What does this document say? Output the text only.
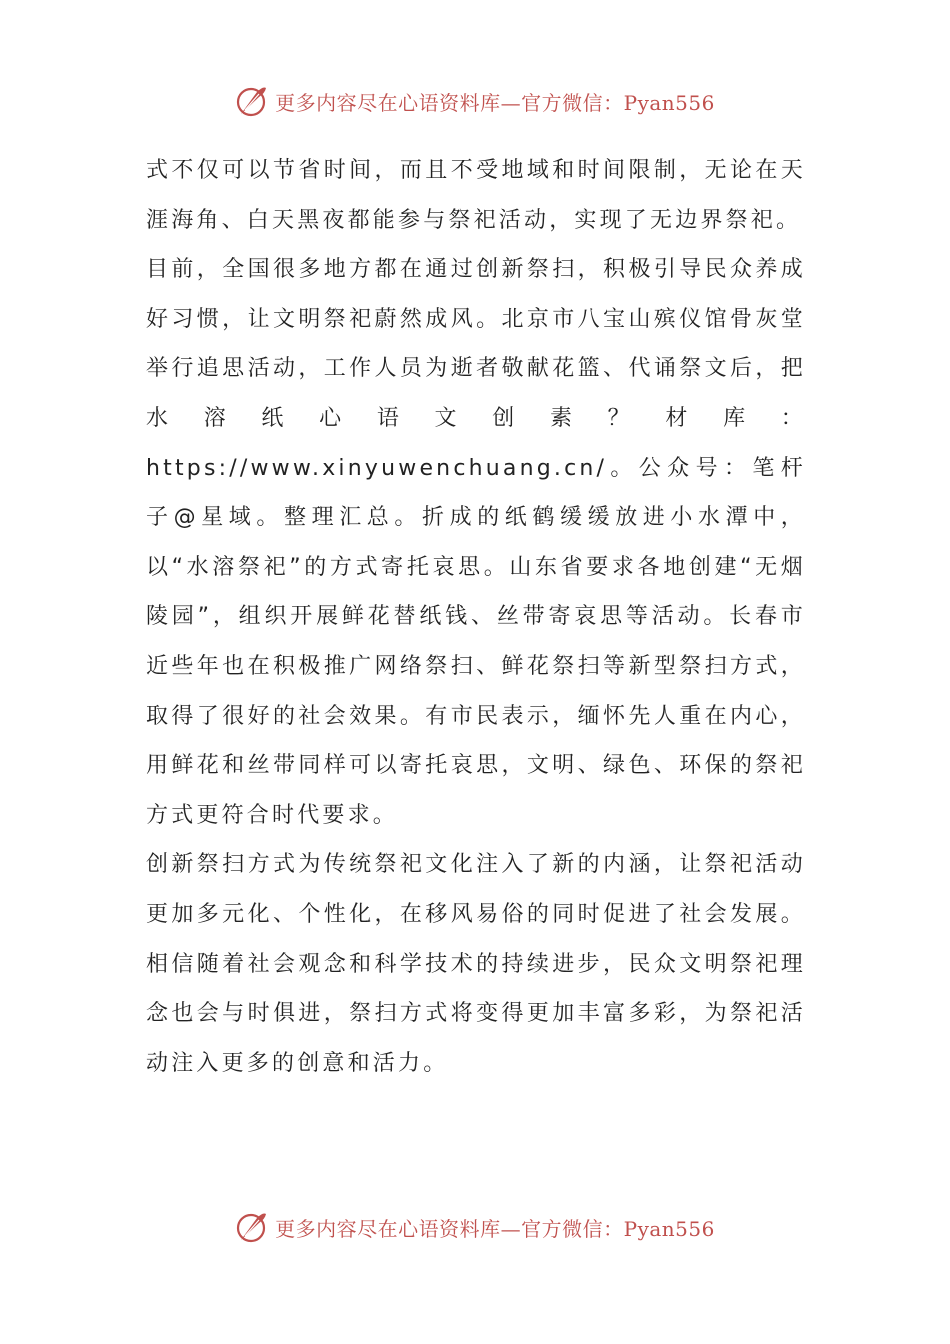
更多内容尽在心语资料库—官方微信：Pyan556

式不仅可以节省时间，而且不受地域和时间限制，无论在天涯海角、白天黑夜都能参与祭祀活动，实现了无边界祭祀。

目前，全国很多地方都在通过创新祭扫，积极引导民众养成好习惯，让文明祭祀蔚然成风。北京市八宝山殡仪馆骨灰堂举行追思活动，工作人员为逝者敬献花篮、代诵祭文后，把水溶纸心语文创素？材库：https://www.xinyuwenchuang.cn/。公众号：笔杆子@星域。整理汇总。折成的纸鹤缓缓放进小水潭中，以“水溶祭祀”的方式寄托哀思。山东省要求各地创建“无烟陵园”，组织开展鲜花替纸钱、丝带寄哀思等活动。长春市近些年也在积极推广网络祭扫、鲜花祭扫等新型祭扫方式，取得了很好的社会效果。有市民表示，缅怀先人重在内心，用鲜花和丝带同样可以寄托哀思，文明、绿色、环保的祭祀方式更符合时代要求。

创新祭扫方式为传统祭祀文化注入了新的内涵，让祭祀活动更加多元化、个性化，在移风易俗的同时促进了社会发展。相信随着社会观念和科学技术的持续进步，民众文明祭祀理念也会与时俱进，祭扫方式将变得更加丰富多彩，为祭祀活动注入更多的创意和活力。

更多内容尽在心语资料库—官方微信：Pyan556
